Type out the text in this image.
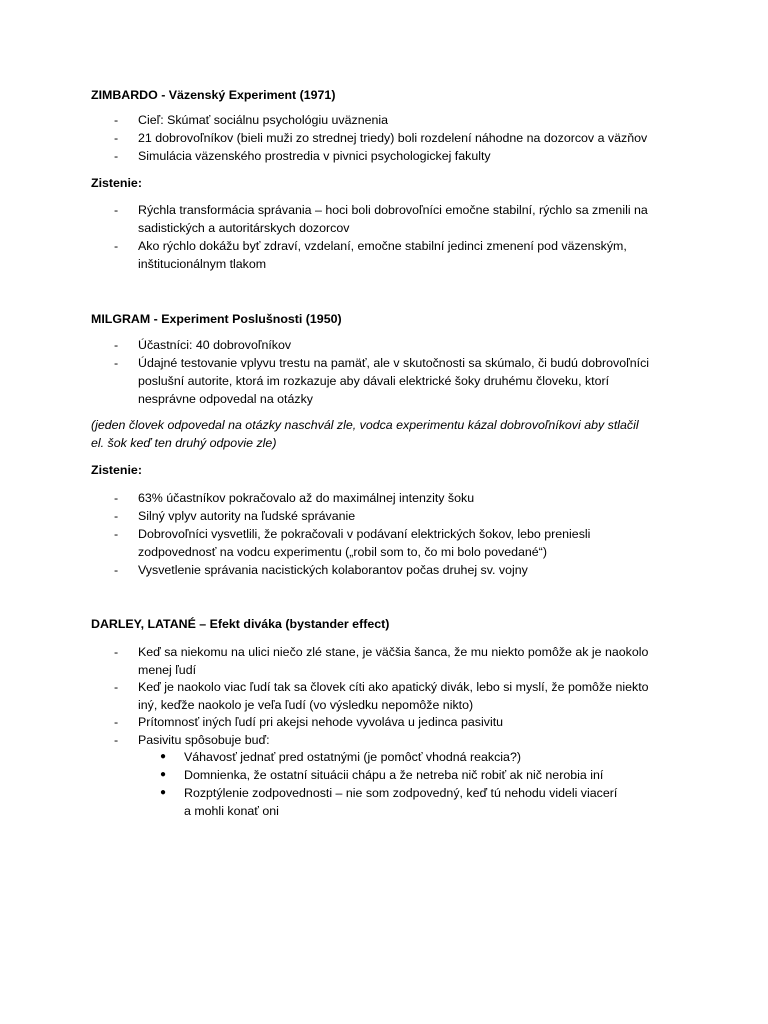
ZIMBARDO - Väzenský Experiment (1971)
-	Cieľ: Skúmať sociálnu psychológiu uväznenia
-	21 dobrovoľníkov (bieli muži zo strednej triedy) boli rozdelení náhodne na dozorcov a väzňov
-	Simulácia väzenského prostredia v pivnici psychologickej fakulty
Zistenie:
-	Rýchla transformácia správania – hoci boli dobrovoľníci emočne stabilní, rýchlo sa zmenili na
sadistických a autoritárskych dozorcov
-	Ako rýchlo dokážu byť zdraví, vzdelaní, emočne stabilní jedinci zmenení pod väzenským,
inštitucionálnym tlakom
MILGRAM - Experiment Poslušnosti (1950)
-	Účastníci: 40 dobrovoľníkov
-	Údajné testovanie vplyvu trestu na pamäť, ale v skutočnosti sa skúmalo, či budú dobrovoľníci
poslušní autorite, ktorá im rozkazuje aby dávali elektrické šoky druhému človeku, ktorí
nesprávne odpovedal na otázky
(jeden človek odpovedal na otázky naschvál zle, vodca experimentu kázal dobrovoľníkovi aby stlačil
el. šok keď ten druhý odpovie zle)
Zistenie:
-	63% účastníkov pokračovalo až do maximálnej intenzity šoku
-	Silný vplyv autority na ľudské správanie
-	Dobrovoľníci vysvetlili, že pokračovali v podávaní elektrických šokov, lebo preniesli
zodpovednosť na vodcu experimentu („robil som to, čo mi bolo povedané“)
-	Vysvetlenie správania nacistických kolaborantov počas druhej sv. vojny
DARLEY, LATANÉ – Efekt diváka (bystander effect)
-	Keď sa niekomu na ulici niečo zlé stane, je väčšia šanca, že mu niekto pomôže ak je naokolo
menej ľudí
-	Keď je naokolo viac ľudí tak sa človek cíti ako apatický divák, lebo si myslí, že pomôže niekto
iný, keďže naokolo je veľa ľudí (vo výsledku nepomôže nikto)
-	Prítomnosť iných ľudí pri akejsi nehode vyvoláva u jedinca pasivitu
-	Pasivitu spôsobuje buď:
●	Váhavosť jednať pred ostatnými (je pomôcť vhodná reakcia?)
●	Domnienka, že ostatní situácii chápu a že netreba nič robiť ak nič nerobia iní
●	Rozptýlenie zodpovednosti – nie som zodpovedný, keď tú nehodu videli viacerí
a mohli konať oni
